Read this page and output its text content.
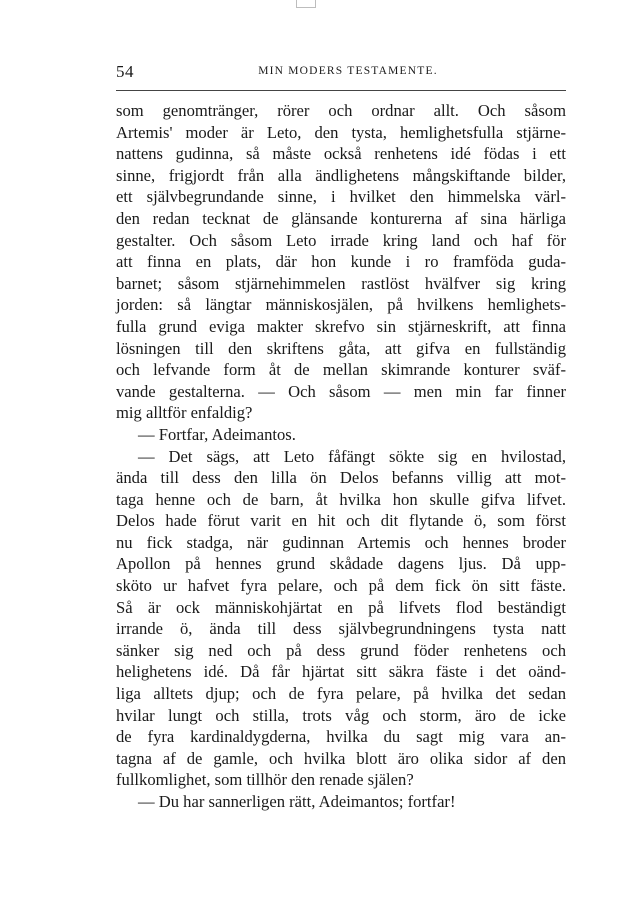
54	MIN MODERS TESTAMENTE.
som genomtränger, rörer och ordnar allt. Och såsom
Artemis' moder är Leto, den tysta, hemlighetsfulla stjärne-
nattens gudinna, så måste också renhetens idé födas i ett
sinne, frigjordt från alla ändlighetens mångskiftande bilder,
ett självbegrundande sinne, i hvilket den himmelska värl-
den redan tecknat de glänsande konturerna af sina härliga
gestalter. Och såsom Leto irrade kring land och haf för
att finna en plats, där hon kunde i ro framföda guda-
barnet; såsom stjärnehimmelen rastlöst hvälfver sig kring
jorden: så längtar människosjälen, på hvilkens hemlighets-
fulla grund eviga makter skrefvo sin stjärneskrift, att finna
lösningen till den skriftens gåta, att gifva en fullständig
och lefvande form åt de mellan skimrande konturer sväf-
vande gestalterna. — Och såsom — men min far finner
mig alltför enfaldig?
— Fortfar, Adeimantos.
— Det sägs, att Leto fåfängt sökte sig en hvilostad,
ända till dess den lilla ön Delos befanns villig att mot-
taga henne och de barn, åt hvilka hon skulle gifva lifvet.
Delos hade förut varit en hit och dit flytande ö, som först
nu fick stadga, när gudinnan Artemis och hennes broder
Apollon på hennes grund skådade dagens ljus. Då upp-
sköto ur hafvet fyra pelare, och på dem fick ön sitt fäste.
Så är ock människohjärtat en på lifvets flod beständigt
irrande ö, ända till dess självbegrundningens tysta natt
sänker sig ned och på dess grund föder renhetens och
helighetens idé. Då får hjärtat sitt säkra fäste i det oänd-
liga alltets djup; och de fyra pelare, på hvilka det sedan
hvilar lungt och stilla, trots våg och storm, äro de icke
de fyra kardinaldygderna, hvilka du sagt mig vara an-
tagna af de gamle, och hvilka blott äro olika sidor af den
fullkomlighet, som tillhör den renade själen?
— Du har sannerligen rätt, Adeimantos; fortfar!
